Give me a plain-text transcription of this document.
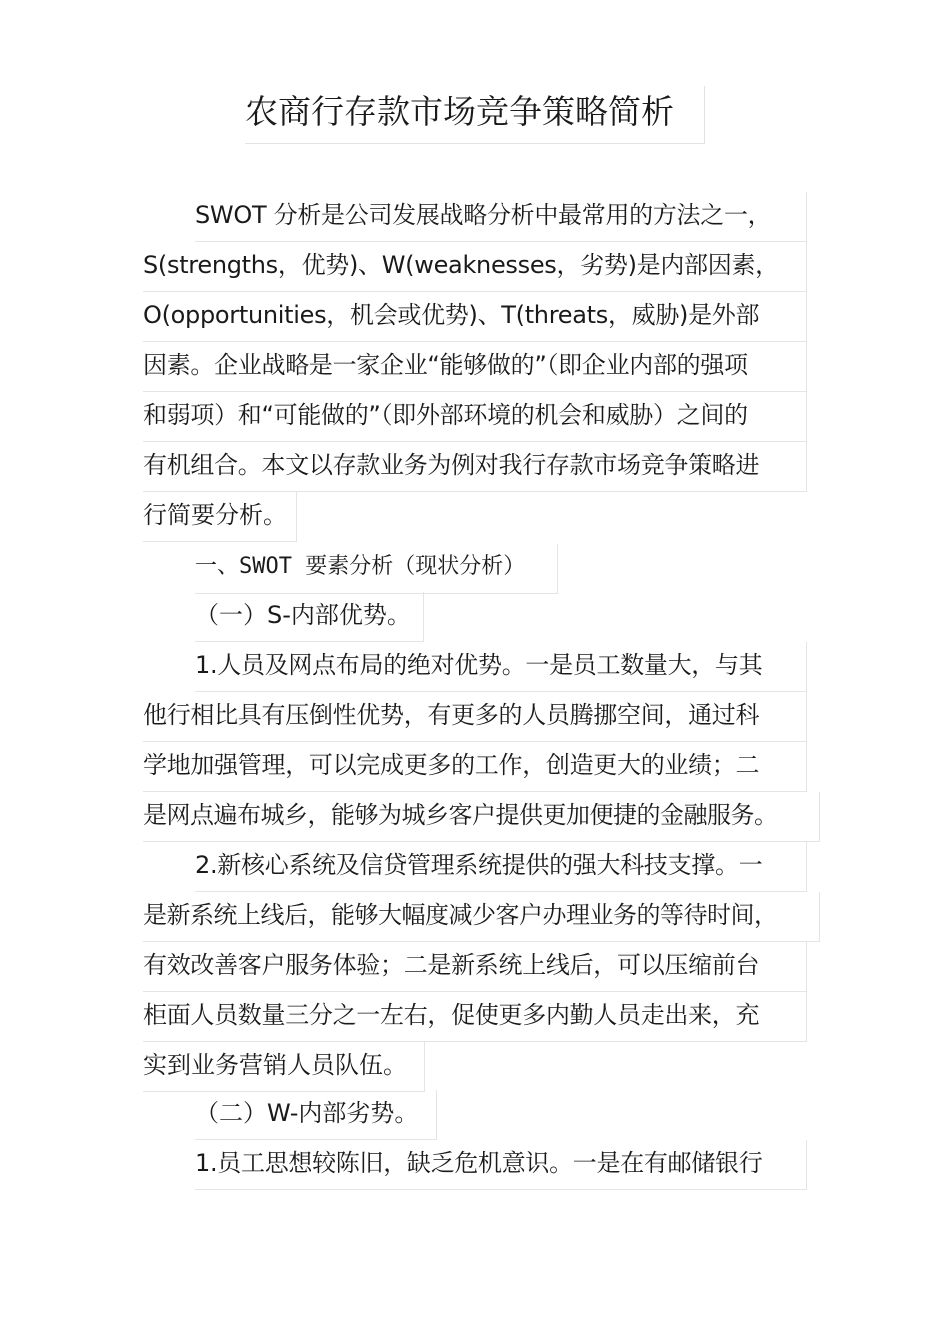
农商行存款市场竞争策略简析
SWOT 分析是公司发展战略分析中最常用的方法之一，
S(strengths，优势)、W(weaknesses，劣势)是内部因素，
O(opportunities，机会或优势)、T(threats，威胁)是外部
因素。企业战略是一家企业“能够做的”（即企业内部的强项
和弱项）和“可能做的”（即外部环境的机会和威胁）之间的
有机组合。本文以存款业务为例对我行存款市场竞争策略进
行简要分析。
一、SWOT 要素分析（现状分析）
（一）S-内部优势。
1.人员及网点布局的绝对优势。一是员工数量大，与其
他行相比具有压倒性优势，有更多的人员腾挪空间，通过科
学地加强管理，可以完成更多的工作，创造更大的业绩；二
是网点遍布城乡，能够为城乡客户提供更加便捷的金融服务。
2.新核心系统及信贷管理系统提供的强大科技支撑。一
是新系统上线后，能够大幅度减少客户办理业务的等待时间，
有效改善客户服务体验；二是新系统上线后，可以压缩前台
柜面人员数量三分之一左右，促使更多内勤人员走出来，充
实到业务营销人员队伍。
（二）W-内部劣势。
1.员工思想较陈旧，缺乏危机意识。一是在有邮储银行
